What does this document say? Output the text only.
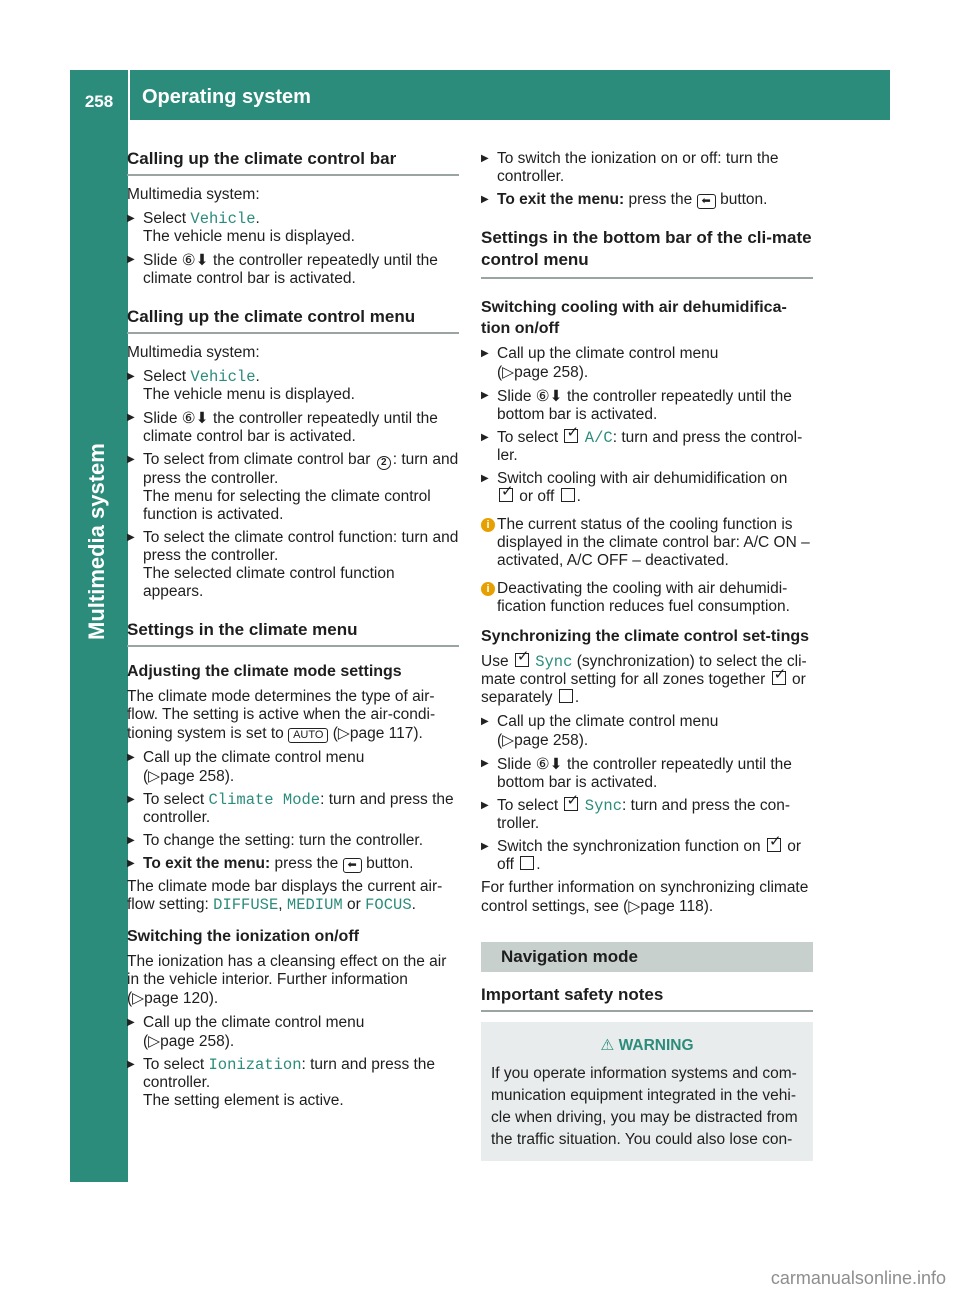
258	Operating system
Multimedia system
Calling up the climate control bar

Multimedia system:

▶ Select Vehicle.
The vehicle menu is displayed.
▶ Slide ⑥⬇ the controller repeatedly until the climate control bar is activated.
Calling up the climate control menu

Multimedia system:

▶ Select Vehicle.
The vehicle menu is displayed.
▶ Slide ⑥⬇ the controller repeatedly until the climate control bar is activated.
▶ To select from climate control bar 2 : turn and press the controller.
The menu for selecting the climate control function is activated.
▶ To select the climate control function: turn and press the controller.
The selected climate control function appears.
Settings in the climate menu
Adjusting the climate mode settings

The climate mode determines the type of air-flow. The setting is active when the air-condi-tioning system is set to AUTO (▷page 117).

▶ Call up the climate control menu
(▷page 258).
▶ To select Climate Mode: turn and press the controller.
▶ To change the setting: turn the controller.
▶ To exit the menu: press the ⬅ button.

The climate mode bar displays the current air-flow setting: DIFFUSE, MEDIUM or FOCUS.

Switching the ionization on/off

The ionization has a cleansing effect on the air in the vehicle interior. Further information
(▷page 120).

▶ Call up the climate control menu
(▷page 258).
▶ To select Ionization: turn and press the controller.
The setting element is active.
▶ To switch the ionization on or off: turn the controller.
▶ To exit the menu: press the ⬅ button.
Settings in the bottom bar of the cli-mate control menu
Switching cooling with air dehumidifica-tion on/off
▶ Call up the climate control menu
(▷page 258).
▶ Slide ⑥⬇ the controller repeatedly until the bottom bar is activated.
▶ To select ✓ A/C: turn and press the control-ler.
▶ Switch cooling with air dehumidification on
✓ or off .
i The current status of the cooling function is displayed in the climate control bar: A/C ON – activated, A/C OFF – deactivated.
i Deactivating the cooling with air dehumidi-fication function reduces fuel consumption.
Synchronizing the climate control set-tings

Use ✓ Sync (synchronization) to select the cli-mate control setting for all zones together ✓ or separately .

▶ Call up the climate control menu
(▷page 258).
▶ Slide ⑥⬇ the controller repeatedly until the bottom bar is activated.
▶ To select ✓ Sync: turn and press the con-troller.
▶ Switch the synchronization function on ✓ or off .

For further information on synchronizing climate control settings, see (▷page 118).

Navigation mode
Important safety notes
⚠ WARNING
If you operate information systems and com-munication equipment integrated in the vehi-cle when driving, you may be distracted from the traffic situation. You could also lose con-
carmanualsonline.info
